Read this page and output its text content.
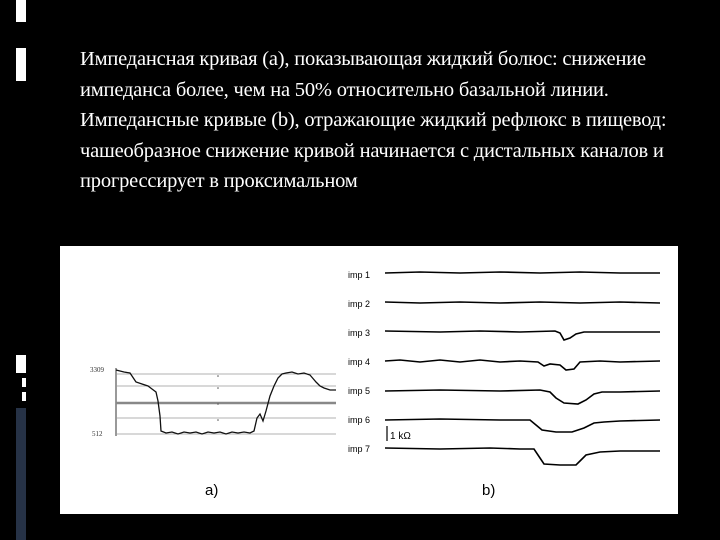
Импедансная кривая (a), показывающая жидкий болюс: снижение импеданса более, чем на 50% относительно базальной линии. Импедансные кривые (b), отражающие жидкий рефлюкс в пищевод: чашеобразное снижение кривой начинается с дистальных каналов и прогрессирует в проксимальном
3309
512
imp 1
imp 2
imp 3
imp 4
imp 5
imp 6
imp 7
1 kΩ
a)	b)
